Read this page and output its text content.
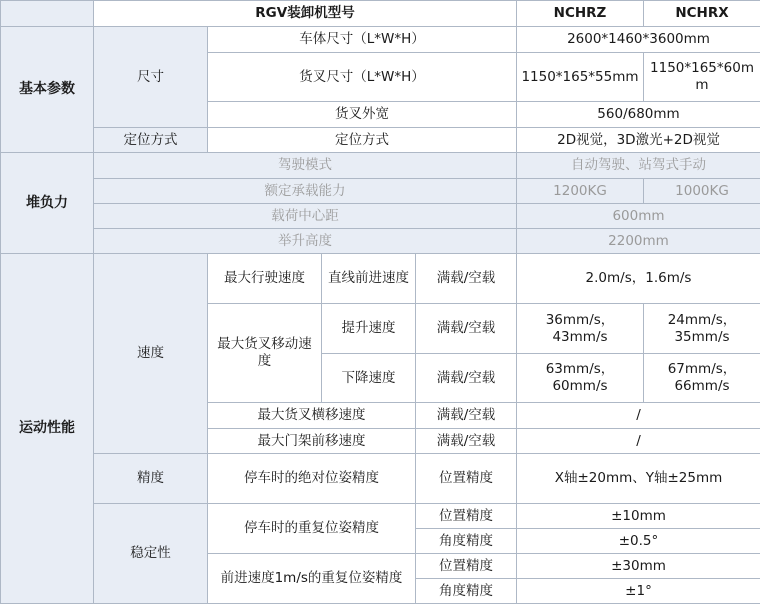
	RGV装卸机型号				NCHRZ	NCHRX
基本参数	尺寸	车体尺寸（L*W*H）			2600*1460*3600mm	
		货叉尺寸（L*W*H）			1150*165*55mm	1150*165*60mm
		货叉外宽			560/680mm	
	定位方式	定位方式			2D视觉，3D激光+2D视觉	
堆负力	驾驶模式				自动驾驶、站驾式手动	
	额定承载能力				1200KG	1000KG
	载荷中心距				600mm	
	举升高度				2200mm	
运动性能	速度	最大行驶速度	直线前进速度	满载/空载	2.0m/s，1.6m/s	
		最大货叉移动速度	提升速度	满载/空载	36mm/s，43mm/s	24mm/s，35mm/s
			下降速度	满载/空载	63mm/s，60mm/s	67mm/s，66mm/s
		最大货叉横移速度		满载/空载	/	
		最大门架前移速度		满载/空载	/	
	精度	停车时的绝对位姿精度		位置精度	X轴±20mm、Y轴±25mm	
	稳定性	停车时的重复位姿精度		位置精度	±10mm	
				角度精度	±0.5°	
		前进速度1m/s的重复位姿精度		位置精度	±30mm	
				角度精度	±1°	
